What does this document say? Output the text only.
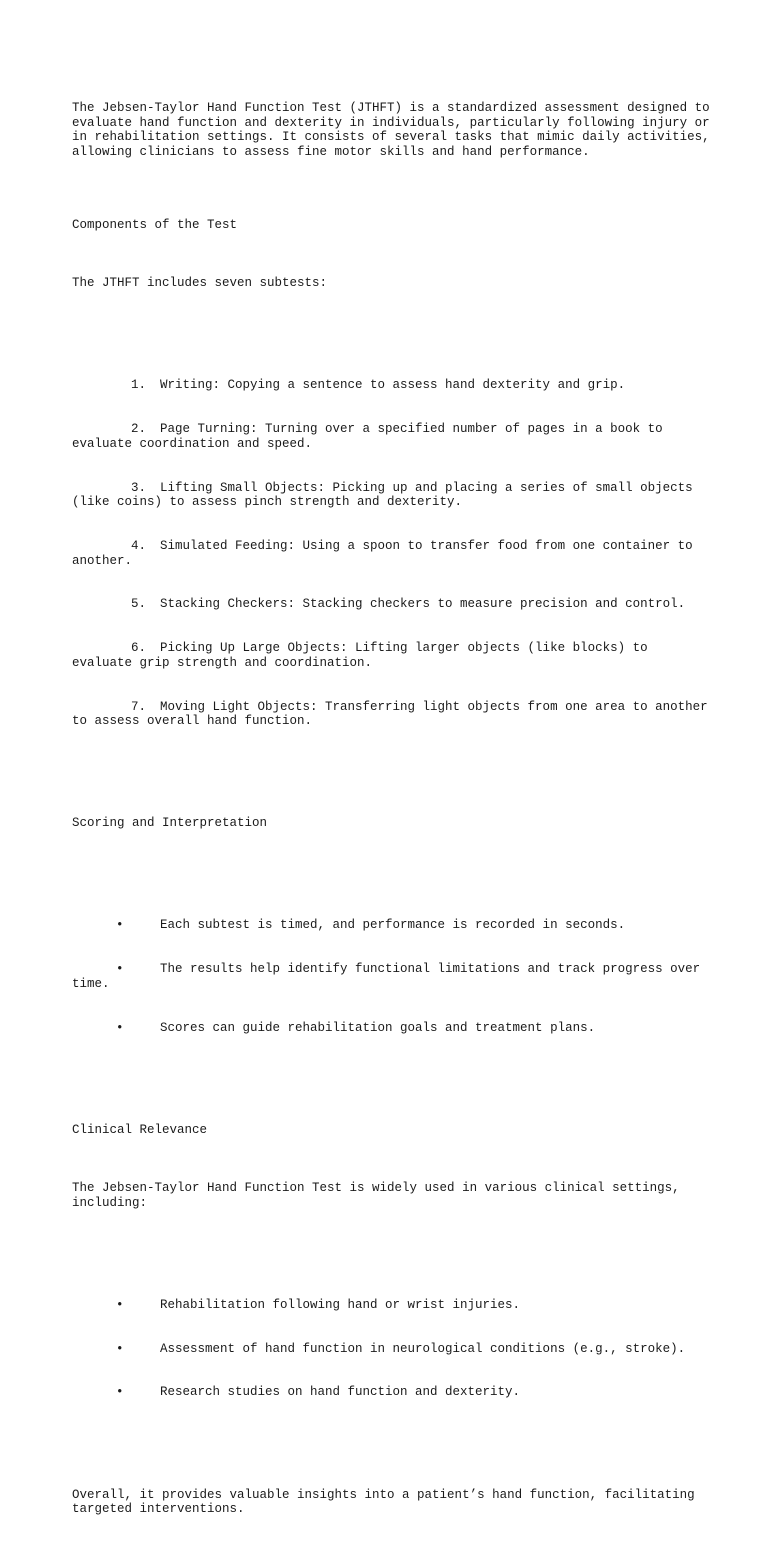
The Jebsen-Taylor Hand Function Test (JTHFT) is a standardized assessment designed to evaluate hand function and dexterity in individuals, particularly following injury or in rehabilitation settings. It consists of several tasks that mimic daily activities, allowing clinicians to assess fine motor skills and hand performance.

Components of the Test

The JTHFT includes seven subtests:

1. Writing: Copying a sentence to assess hand dexterity and grip.

2. Page Turning: Turning over a specified number of pages in a book to evaluate coordination and speed.

3. Lifting Small Objects: Picking up and placing a series of small objects (like coins) to assess pinch strength and dexterity.

4. Simulated Feeding: Using a spoon to transfer food from one container to another.

5. Stacking Checkers: Stacking checkers to measure precision and control.

6. Picking Up Large Objects: Lifting larger objects (like blocks) to evaluate grip strength and coordination.

7. Moving Light Objects: Transferring light objects from one area to another to assess overall hand function.

Scoring and Interpretation

•	Each subtest is timed, and performance is recorded in seconds.

•	The results help identify functional limitations and track progress over time.

•	Scores can guide rehabilitation goals and treatment plans.

Clinical Relevance

The Jebsen-Taylor Hand Function Test is widely used in various clinical settings, including:

•	Rehabilitation following hand or wrist injuries.

•	Assessment of hand function in neurological conditions (e.g., stroke).

•	Research studies on hand function and dexterity.

Overall, it provides valuable insights into a patient’s hand function, facilitating targeted interventions.
